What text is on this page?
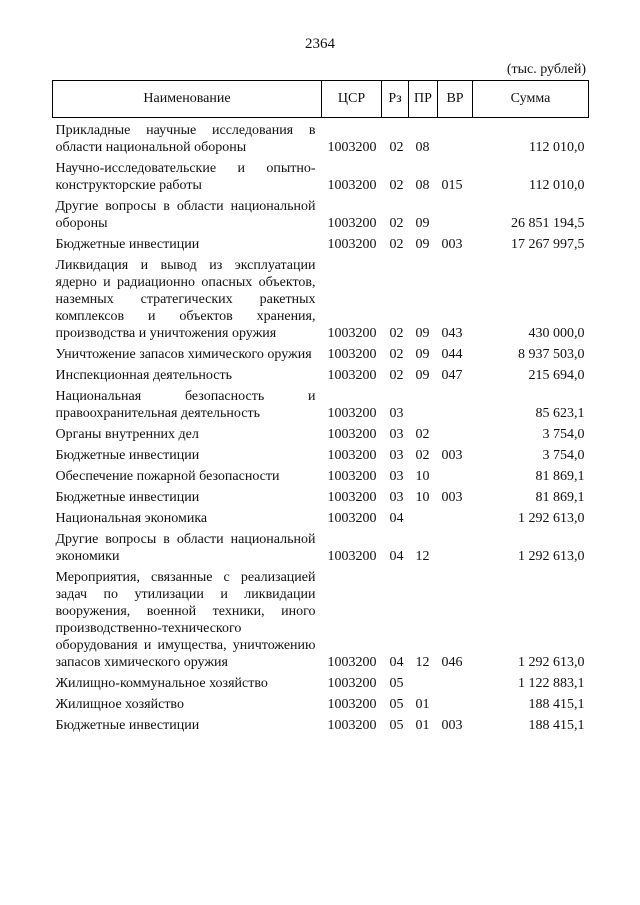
2364
(тыс. рублей)
Наименование	ЦСР	Рз	ПР	ВР	Сумма
Прикладные научные исследования в области национальной обороны	1003200	02	08		112 010,0
Научно-исследовательские и опытно-конструкторские работы	1003200	02	08	015	112 010,0
Другие вопросы в области национальной обороны	1003200	02	09		26 851 194,5
Бюджетные инвестиции	1003200	02	09	003	17 267 997,5
Ликвидация и вывод из эксплуатации ядерно и радиационно опасных объектов, наземных стратегических ракетных комплексов и объектов хранения, производства и уничтожения оружия	1003200	02	09	043	430 000,0
Уничтожение запасов химического оружия	1003200	02	09	044	8 937 503,0
Инспекционная деятельность	1003200	02	09	047	215 694,0
Национальная безопасность и правоохранительная деятельность	1003200	03			85 623,1
Органы внутренних дел	1003200	03	02		3 754,0
Бюджетные инвестиции	1003200	03	02	003	3 754,0
Обеспечение пожарной безопасности	1003200	03	10		81 869,1
Бюджетные инвестиции	1003200	03	10	003	81 869,1
Национальная экономика	1003200	04			1 292 613,0
Другие вопросы в области национальной экономики	1003200	04	12		1 292 613,0
Мероприятия, связанные с реализацией задач по утилизации и ликвидации вооружения, военной техники, иного производственно-технического оборудования и имущества, уничтожению запасов химического оружия	1003200	04	12	046	1 292 613,0
Жилищно-коммунальное хозяйство	1003200	05			1 122 883,1
Жилищное хозяйство	1003200	05	01		188 415,1
Бюджетные инвестиции	1003200	05	01	003	188 415,1
